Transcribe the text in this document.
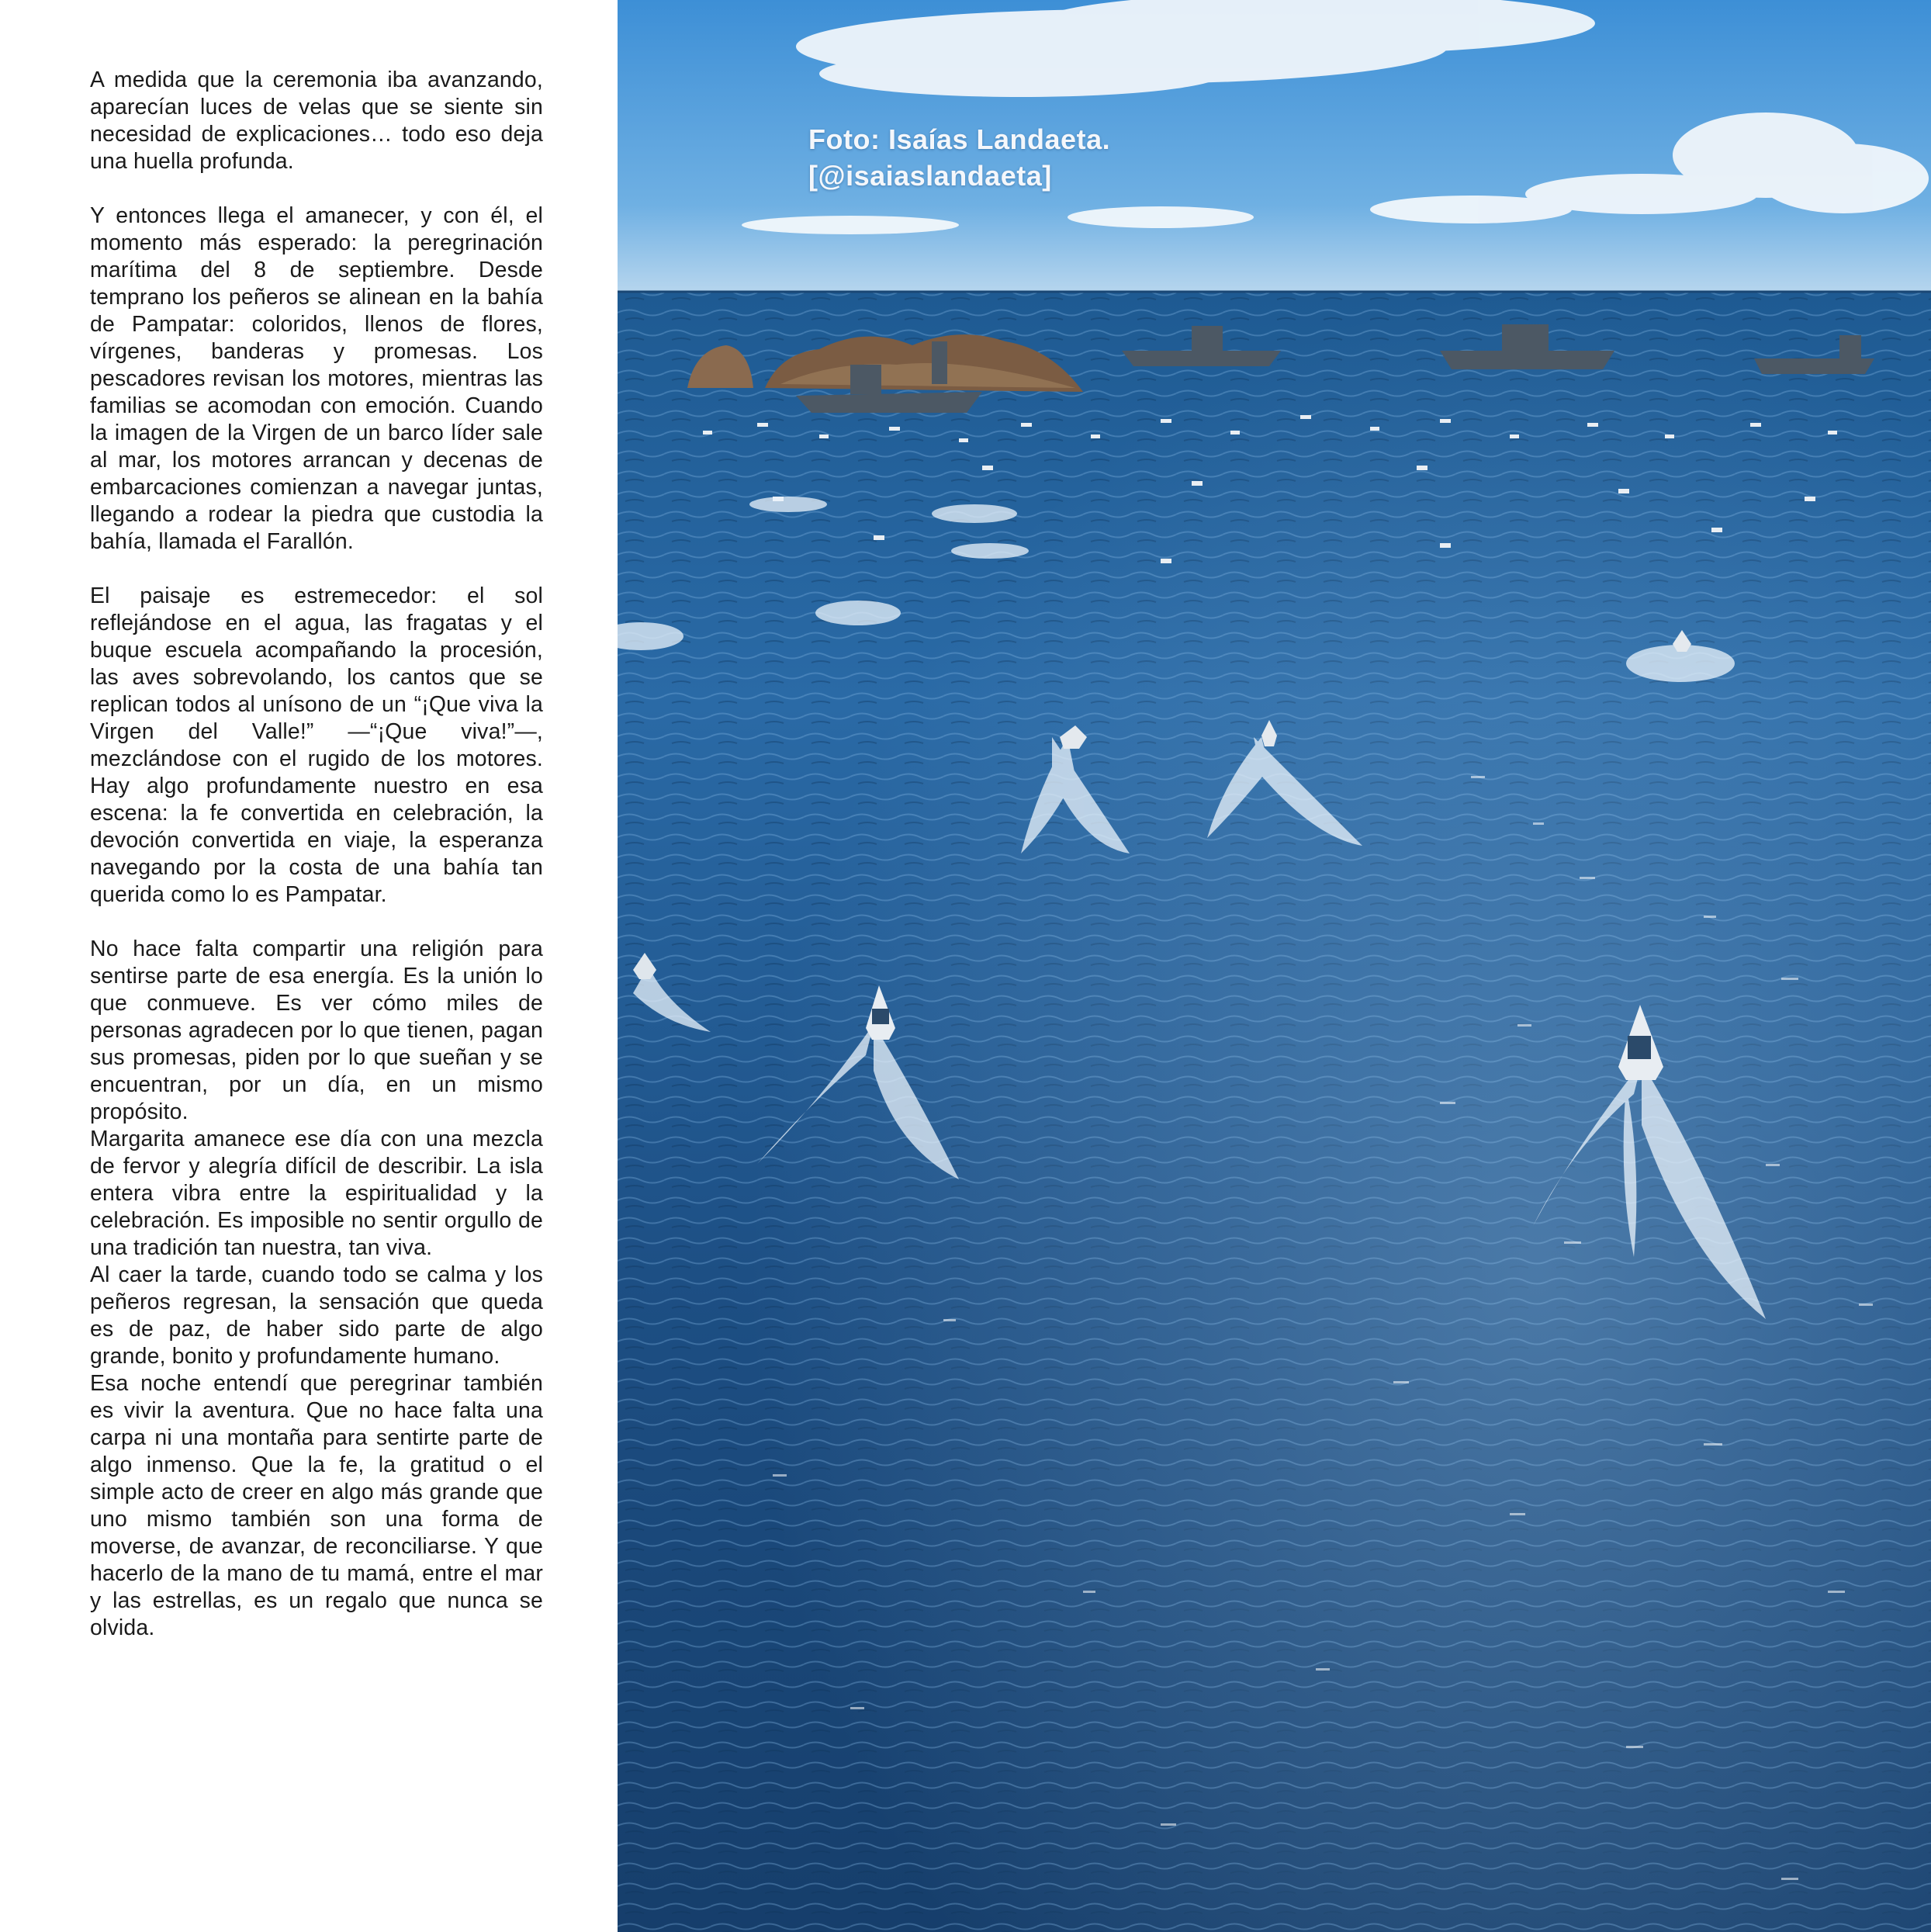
A medida que la ceremonia iba avanzando, aparecían luces de velas que se siente sin necesidad de explicaciones… todo eso deja una huella profunda.

Y entonces llega el amanecer, y con él, el momento más esperado: la peregrinación marítima del 8 de septiembre. Desde temprano los peñeros se alinean en la bahía de Pampatar: coloridos, llenos de flores, vírgenes, banderas y promesas. Los pescadores revisan los motores, mientras las familias se acomodan con emoción. Cuando la imagen de la Virgen de un barco líder sale al mar, los motores arrancan y decenas de embarcaciones comienzan a navegar juntas, llegando a rodear la piedra que custodia la bahía, llamada el Farallón.

El paisaje es estremecedor: el sol reflejándose en el agua, las fragatas y el buque escuela acompañando la procesión, las aves sobrevolando, los cantos que se replican todos al unísono de un “¡Que viva la Virgen del Valle!” —“¡Que viva!”—, mezclándose con el rugido de los motores. Hay algo profundamente nuestro en esa escena: la fe convertida en celebración, la devoción convertida en viaje, la esperanza navegando por la costa de una bahía tan querida como lo es Pampatar.

No hace falta compartir una religión para sentirse parte de esa energía. Es la unión lo que conmueve. Es ver cómo miles de personas agradecen por lo que tienen, pagan sus promesas, piden por lo que sueñan y se encuentran, por un día, en un mismo propósito.

Margarita amanece ese día con una mezcla de fervor y alegría difícil de describir. La isla entera vibra entre la espiritualidad y la celebración. Es imposible no sentir orgullo de una tradición tan nuestra, tan viva.

Al caer la tarde, cuando todo se calma y los peñeros regresan, la sensación que queda es de paz, de haber sido parte de algo grande, bonito y profundamente humano.

Esa noche entendí que peregrinar también es vivir la aventura. Que no hace falta una carpa ni una montaña para sentirte parte de algo inmenso. Que la fe, la gratitud o el simple acto de creer en algo más grande que uno mismo también son una forma de moverse, de avanzar, de reconciliarse. Y que hacerlo de la mano de tu mamá, entre el mar y las estrellas, es un regalo que nunca se olvida.

Foto: Isaías Landaeta.
[@isaiaslandaeta]
